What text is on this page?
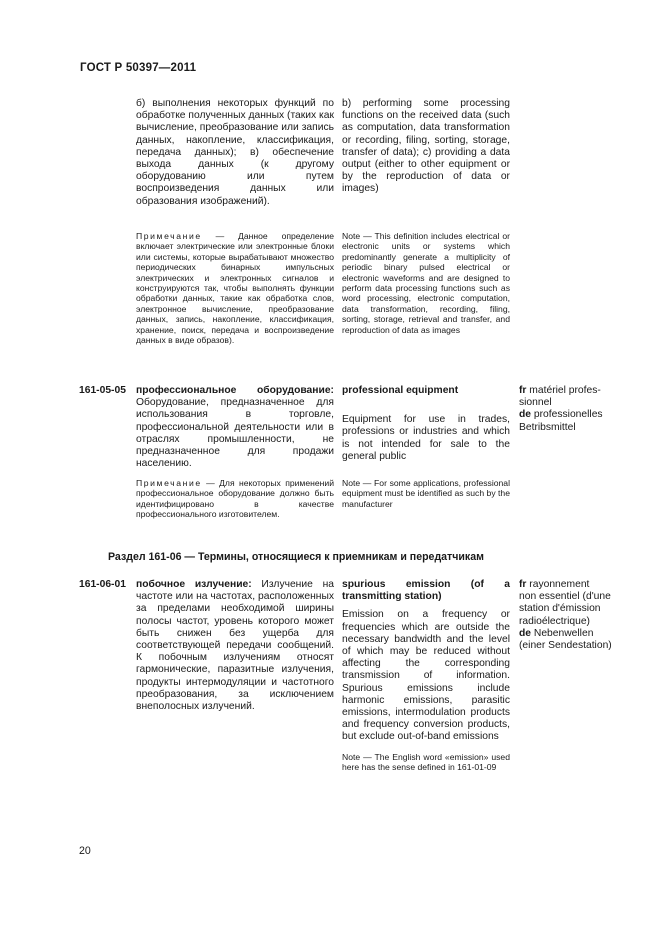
ГОСТ Р 50397—2011
б) выполнения некоторых функций по обработке полученных данных (таких как вычисление, преобразование или запись данных, накопление, классификация, передача данных); в) обеспечение выхода данных (к другому оборудованию или путем воспроизведения данных или образования изображений).
b) performing some processing functions on the received data (such as computation, data transformation or recording, filing, sorting, storage, transfer of data); c) providing a data output (either to other equipment or by the reproduction of data or images)
Примечание — Данное определение включает электрические или электронные блоки или системы, которые вырабатывают множество периодических бинарных импульсных электрических и электронных сигналов и конструируются так, чтобы выполнять функции обработки данных, такие как обработка слов, электронное вычисление, преобразование данных, запись, накопление, классификация, хранение, поиск, передача и воспроизведение данных в виде образов).
Note — This definition includes electrical or electronic units or systems which predominantly generate a multiplicity of periodic binary pulsed electrical or electronic waveforms and are designed to perform data processing functions such as word processing, electronic computation, data transformation, recording, filing, sorting, storage, retrieval and transfer, and reproduction of data as images
161-05-05 профессиональное оборудование: Оборудование, предназначенное для использования в торговле, профессиональной деятельности или в отраслях промышленности, не предназначенное для продажи населению.
professional equipment
Equipment for use in trades, professions or industries and which is not intended for sale to the general public
fr matériel profes-
sionnel
de professionelles
Betribsmittel
Примечание — Для некоторых применений профессиональное оборудование должно быть идентифицировано в качестве профессионального изготовителем.
Note — For some applications, professional equipment must be identified as such by the manufacturer
Раздел 161-06 — Термины, относящиеся к приемникам и передатчикам
161-06-01 побочное излучение: Излучение на частоте или на частотах, расположенных за пределами необходимой ширины полосы частот, уровень которого может быть снижен без ущерба для соответствующей передачи сообщений. К побочным излучениям относят гармонические, паразитные излучения, продукты интермодуляции и частотного преобразования, за исключением внеполосных излучений.
spurious emission (of a transmitting station)
Emission on a frequency or frequencies which are outside the necessary bandwidth and the level of which may be reduced without affecting the corresponding transmission of information. Spurious emissions include harmonic emissions, parasitic emissions, intermodulation products and frequency conversion products, but exclude out-of-band emissions
Note — The English word «emission» used here has the sense defined in 161-01-09
fr rayonnement
non essentiel (d'une
station d'émission
radioélectrique)
de Nebenwellen
(einer Sendestation)
20
